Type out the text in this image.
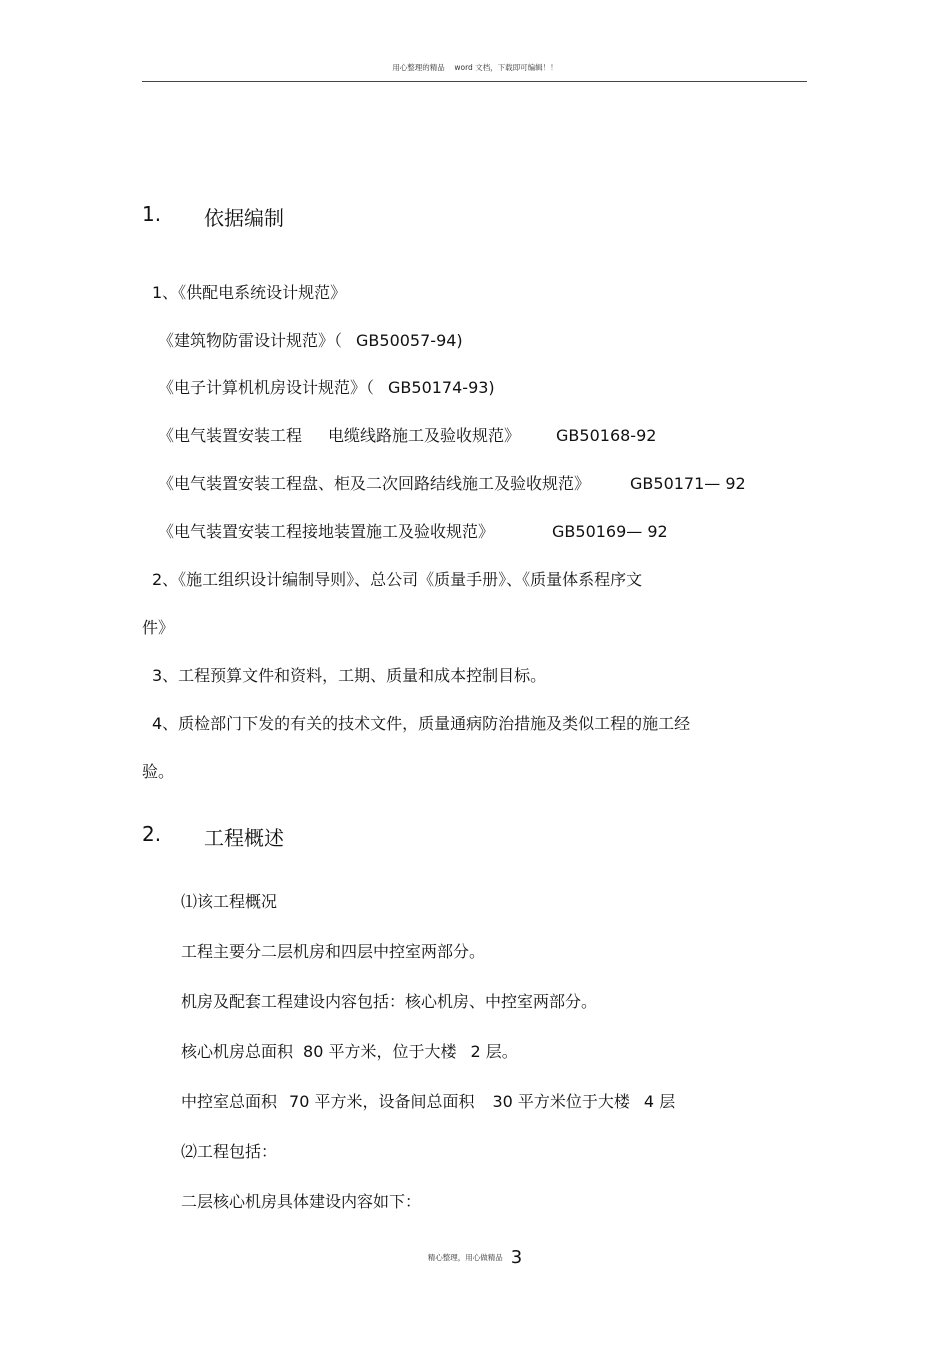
用心整理的精品    word 文档，下载即可编辑！！
1. 依据编制
1、《供配电系统设计规范》
《建筑物防雷设计规范》（ GB50057-94)
《电子计算机机房设计规范》（ GB50174-93)
《电气装置安装工程 电缆线路施工及验收规范》 GB50168-92
《电气装置安装工程盘、柜及二次回路结线施工及验收规范》	GB50171— 92
《电气装置安装工程接地装置施工及验收规范》	GB50169— 92
2、《施工组织设计编制导则》、总公司《质量手册》、《质量体系程序文
件》
3、工程预算文件和资料，工期、质量和成本控制目标。
4、质检部门下发的有关的技术文件，质量通病防治措施及类似工程的施工经
验。
2. 工程概述
⑴该工程概况
工程主要分二层机房和四层中控室两部分。
机房及配套工程建设内容包括：核心机房、中控室两部分。
核心机房总面积 80 平方米，位于大楼 2 层。
中控室总面积 70 平方米，设备间总面积 30 平方米位于大楼 4 层
⑵工程包括：
二层核心机房具体建设内容如下：
精心整理，用心做精品 3
